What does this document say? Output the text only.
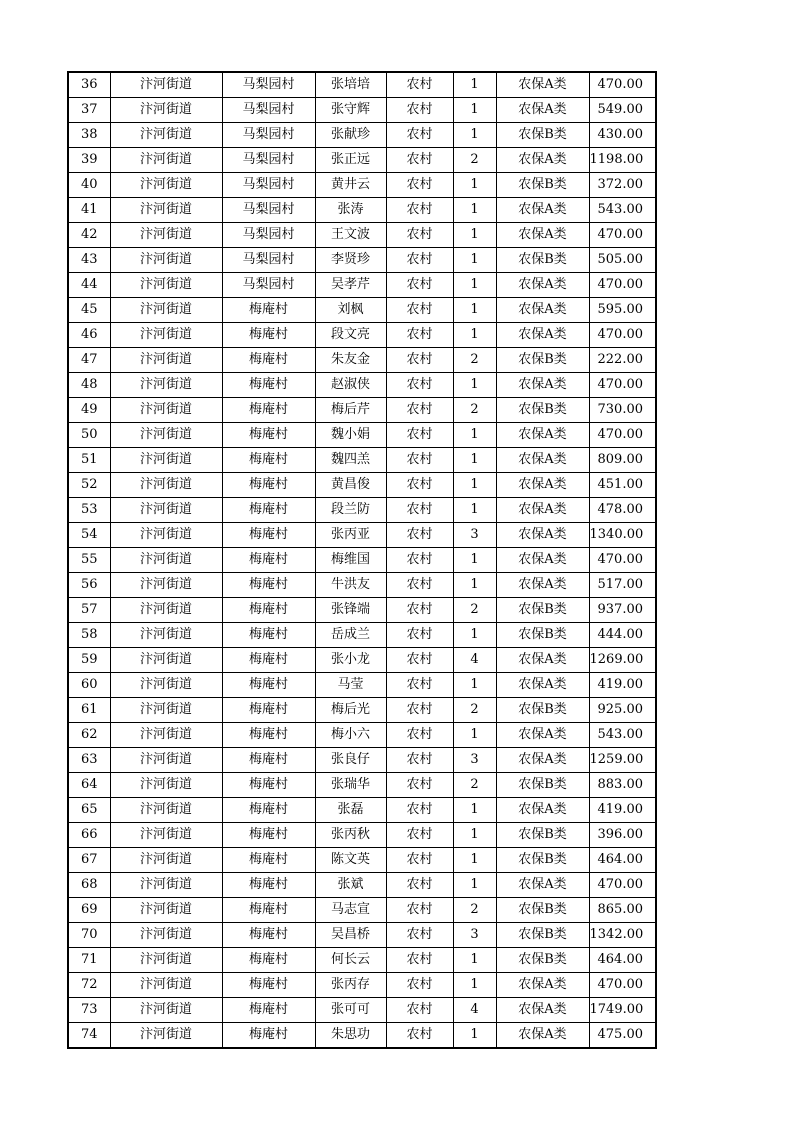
36	汴河街道	马梨园村	张培培	农村	1	农保A类	470.00
37	汴河街道	马梨园村	张守辉	农村	1	农保A类	549.00
38	汴河街道	马梨园村	张献珍	农村	1	农保B类	430.00
39	汴河街道	马梨园村	张正远	农村	2	农保A类	1198.00
40	汴河街道	马梨园村	黄井云	农村	1	农保B类	372.00
41	汴河街道	马梨园村	张涛	农村	1	农保A类	543.00
42	汴河街道	马梨园村	王文波	农村	1	农保A类	470.00
43	汴河街道	马梨园村	李贤珍	农村	1	农保B类	505.00
44	汴河街道	马梨园村	吴孝芹	农村	1	农保A类	470.00
45	汴河街道	梅庵村	刘枫	农村	1	农保A类	595.00
46	汴河街道	梅庵村	段文亮	农村	1	农保A类	470.00
47	汴河街道	梅庵村	朱友金	农村	2	农保B类	222.00
48	汴河街道	梅庵村	赵淑侠	农村	1	农保A类	470.00
49	汴河街道	梅庵村	梅后芹	农村	2	农保B类	730.00
50	汴河街道	梅庵村	魏小娟	农村	1	农保A类	470.00
51	汴河街道	梅庵村	魏四羔	农村	1	农保A类	809.00
52	汴河街道	梅庵村	黄昌俊	农村	1	农保A类	451.00
53	汴河街道	梅庵村	段兰防	农村	1	农保A类	478.00
54	汴河街道	梅庵村	张丙亚	农村	3	农保A类	1340.00
55	汴河街道	梅庵村	梅维国	农村	1	农保A类	470.00
56	汴河街道	梅庵村	牛洪友	农村	1	农保A类	517.00
57	汴河街道	梅庵村	张锋端	农村	2	农保B类	937.00
58	汴河街道	梅庵村	岳成兰	农村	1	农保B类	444.00
59	汴河街道	梅庵村	张小龙	农村	4	农保A类	1269.00
60	汴河街道	梅庵村	马莹	农村	1	农保A类	419.00
61	汴河街道	梅庵村	梅后光	农村	2	农保B类	925.00
62	汴河街道	梅庵村	梅小六	农村	1	农保A类	543.00
63	汴河街道	梅庵村	张良仔	农村	3	农保A类	1259.00
64	汴河街道	梅庵村	张瑞华	农村	2	农保B类	883.00
65	汴河街道	梅庵村	张磊	农村	1	农保A类	419.00
66	汴河街道	梅庵村	张丙秋	农村	1	农保B类	396.00
67	汴河街道	梅庵村	陈文英	农村	1	农保B类	464.00
68	汴河街道	梅庵村	张斌	农村	1	农保A类	470.00
69	汴河街道	梅庵村	马志宣	农村	2	农保B类	865.00
70	汴河街道	梅庵村	吴昌桥	农村	3	农保B类	1342.00
71	汴河街道	梅庵村	何长云	农村	1	农保B类	464.00
72	汴河街道	梅庵村	张丙存	农村	1	农保A类	470.00
73	汴河街道	梅庵村	张可可	农村	4	农保A类	1749.00
74	汴河街道	梅庵村	朱思功	农村	1	农保A类	475.00
